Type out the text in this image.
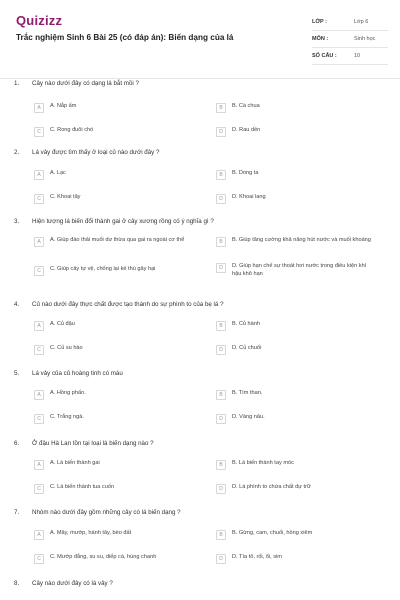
Quizizz
Trắc nghiệm Sinh 6 Bài 25 (có đáp án): Biến dạng của lá
LỚP :	Lớp 6
MÔN :	Sinh học
SỐ CÂU :	10
1. Cây nào dưới đây có dạng lá bắt mồi ?
A	A. Nắp ấm	B	B. Cà chua
C	C. Rong đuôi chó	D	D. Rau dền
2. Lá vảy được tìm thấy ở loại củ nào dưới đây ?
A	A. Lạc	B	B. Dong ta
C	C. Khoai tây	D	D. Khoai lang
3. Hiện tượng lá biến đổi thành gai ở cây xương rồng có ý nghĩa gì ?
A	A. Giúp đào thải muối dư thừa qua gai ra ngoài cơ thể	B	B. Giúp tăng cường khả năng hút nước và muối khoáng
C	C. Giúp cây tự vệ, chống lại kẻ thù gây hại	D	D. Giúp hạn chế sự thoát hơi nước trong điều kiện khí hậu khô hạn
4. Củ nào dưới đây thực chất được tạo thành do sự phình to của bẹ lá ?
A	A. Củ đậu	B	B. Củ hành
C	C. Củ su hào	D	D. Củ chuối
5. Lá vảy của củ hoàng tinh có màu
A	A. Hồng phấn.	B	B. Tím than.
C	C. Trắng ngà.	D	D. Vàng nâu.
6. Ở đậu Hà Lan tồn tại loại lá biến dạng nào ?
A	A. Lá biến thành gai	B	B. Lá biến thành tay móc
C	C. Lá biến thành tua cuốn	D	D. Lá phình to chứa chất dự trữ
7. Nhóm nào dưới đây gồm những cây có lá biến dạng ?
A	A. Mây, mướp, hành tây, bèo đất	B	B. Gừng, cam, chuối, hồng xiêm
C	C. Mướp đắng, su su, diếp cá, hùng chanh	D	D. Tía tô, rối, ổi, sim
8. Cây nào dưới đây có lá vảy ?
